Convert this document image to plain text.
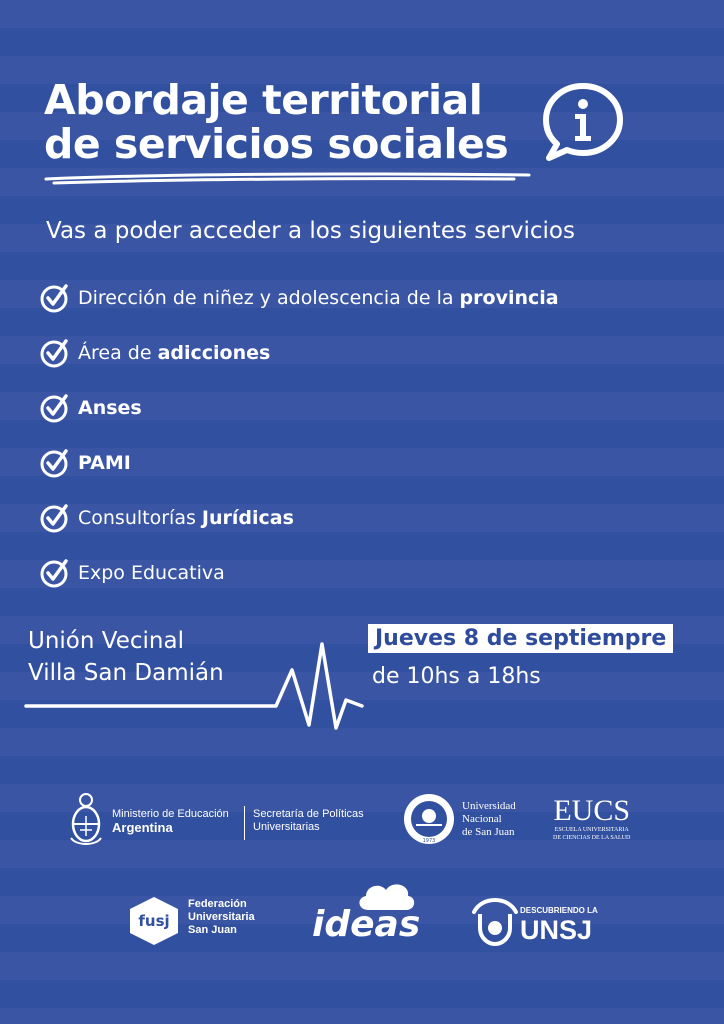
Abordaje territorial
de servicios sociales
Vas a poder acceder a los siguientes servicios
Dirección de niñez y adolescencia de la provincia
Área de adicciones
Anses
PAMI
Consultorías Jurídicas
Expo Educativa
Unión Vecinal
Villa San Damián
Jueves 8 de septiempre
de 10hs a 18hs
Ministerio de Educación
Argentina
Secretaría de Políticas
Universitarias
1973
Universidad
Nacional
de San Juan
EUCS
ESCUELA UNIVERSITARIA
DE CIENCIAS DE LA SALUD
fusj
Federación
Universitaria
San Juan	ideas	DESCUBRIENDO LA
UNSJ
